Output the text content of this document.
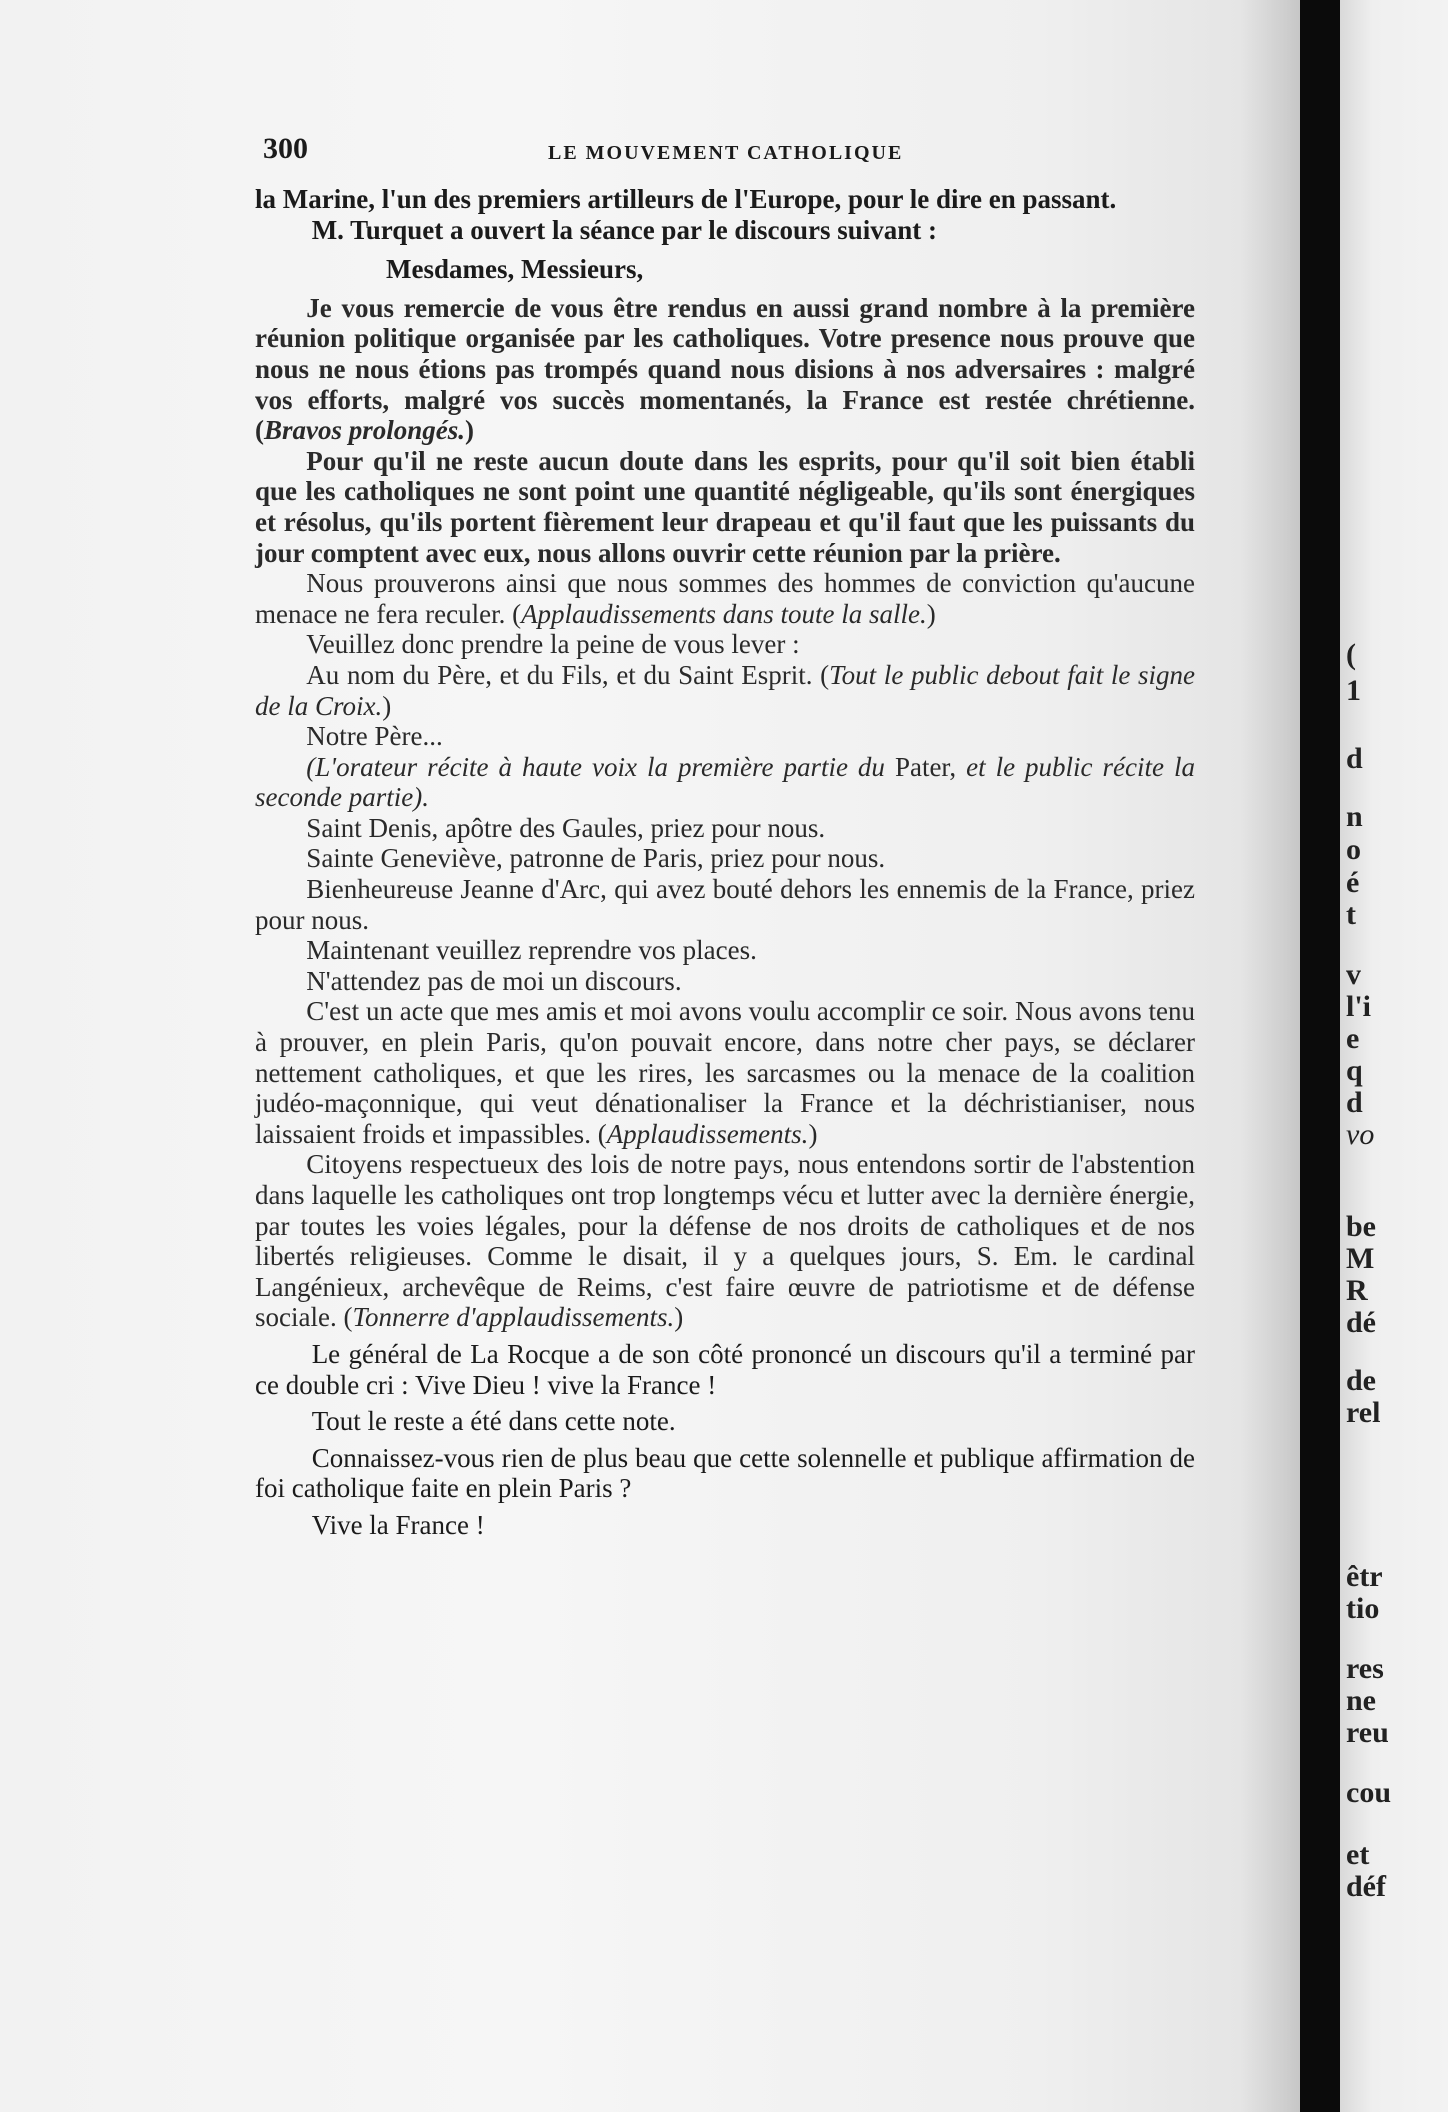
300	LE MOUVEMENT CATHOLIQUE

la Marine, l'un des premiers artilleurs de l'Europe, pour le dire en passant.

M. Turquet a ouvert la séance par le discours suivant :

Mesdames, Messieurs,

Je vous remercie de vous être rendus en aussi grand nombre à la première réunion politique organisée par les catholiques. Votre presence nous prouve que nous ne nous étions pas trompés quand nous disions à nos adversaires : malgré vos efforts, malgré vos succès momentanés, la France est restée chrétienne. (Bravos prolongés.)

Pour qu'il ne reste aucun doute dans les esprits, pour qu'il soit bien établi que les catholiques ne sont point une quantité négligeable, qu'ils sont énergiques et résolus, qu'ils portent fièrement leur drapeau et qu'il faut que les puissants du jour comptent avec eux, nous allons ouvrir cette réunion par la prière.

Nous prouverons ainsi que nous sommes des hommes de conviction qu'aucune menace ne fera reculer. (Applaudissements dans toute la salle.)

Veuillez donc prendre la peine de vous lever :

Au nom du Père, et du Fils, et du Saint Esprit. (Tout le public debout fait le signe de la Croix.)

Notre Père...

(L'orateur récite à haute voix la première partie du Pater, et le public récite la seconde partie).

Saint Denis, apôtre des Gaules, priez pour nous.

Sainte Geneviève, patronne de Paris, priez pour nous.

Bienheureuse Jeanne d'Arc, qui avez bouté dehors les ennemis de la France, priez pour nous.

Maintenant veuillez reprendre vos places.

N'attendez pas de moi un discours.

C'est un acte que mes amis et moi avons voulu accomplir ce soir. Nous avons tenu à prouver, en plein Paris, qu'on pouvait encore, dans notre cher pays, se déclarer nettement catholiques, et que les rires, les sarcasmes ou la menace de la coalition judéo-maçonnique, qui veut dénationaliser la France et la déchristianiser, nous laissaient froids et impassibles. (Applaudissements.)

Citoyens respectueux des lois de notre pays, nous entendons sortir de l'abstention dans laquelle les catholiques ont trop longtemps vécu et lutter avec la dernière énergie, par toutes les voies légales, pour la défense de nos droits de catholiques et de nos libertés religieuses. Comme le disait, il y a quelques jours, S. Em. le cardinal Langénieux, archevêque de Reims, c'est faire œuvre de patriotisme et de défense sociale. (Tonnerre d'applaudissements.)

Le général de La Rocque a de son côté prononcé un discours qu'il a terminé par ce double cri : Vive Dieu ! vive la France !

Tout le reste a été dans cette note.

Connaissez-vous rien de plus beau que cette solennelle et publique affirmation de foi catholique faite en plein Paris ?

Vive la France !

(
1
d
n
o
é
t
v
l'i
e
q
d
vo
be
M
R
dé
de
rel
êtr
tio
res
ne
reu
cou
et
déf
